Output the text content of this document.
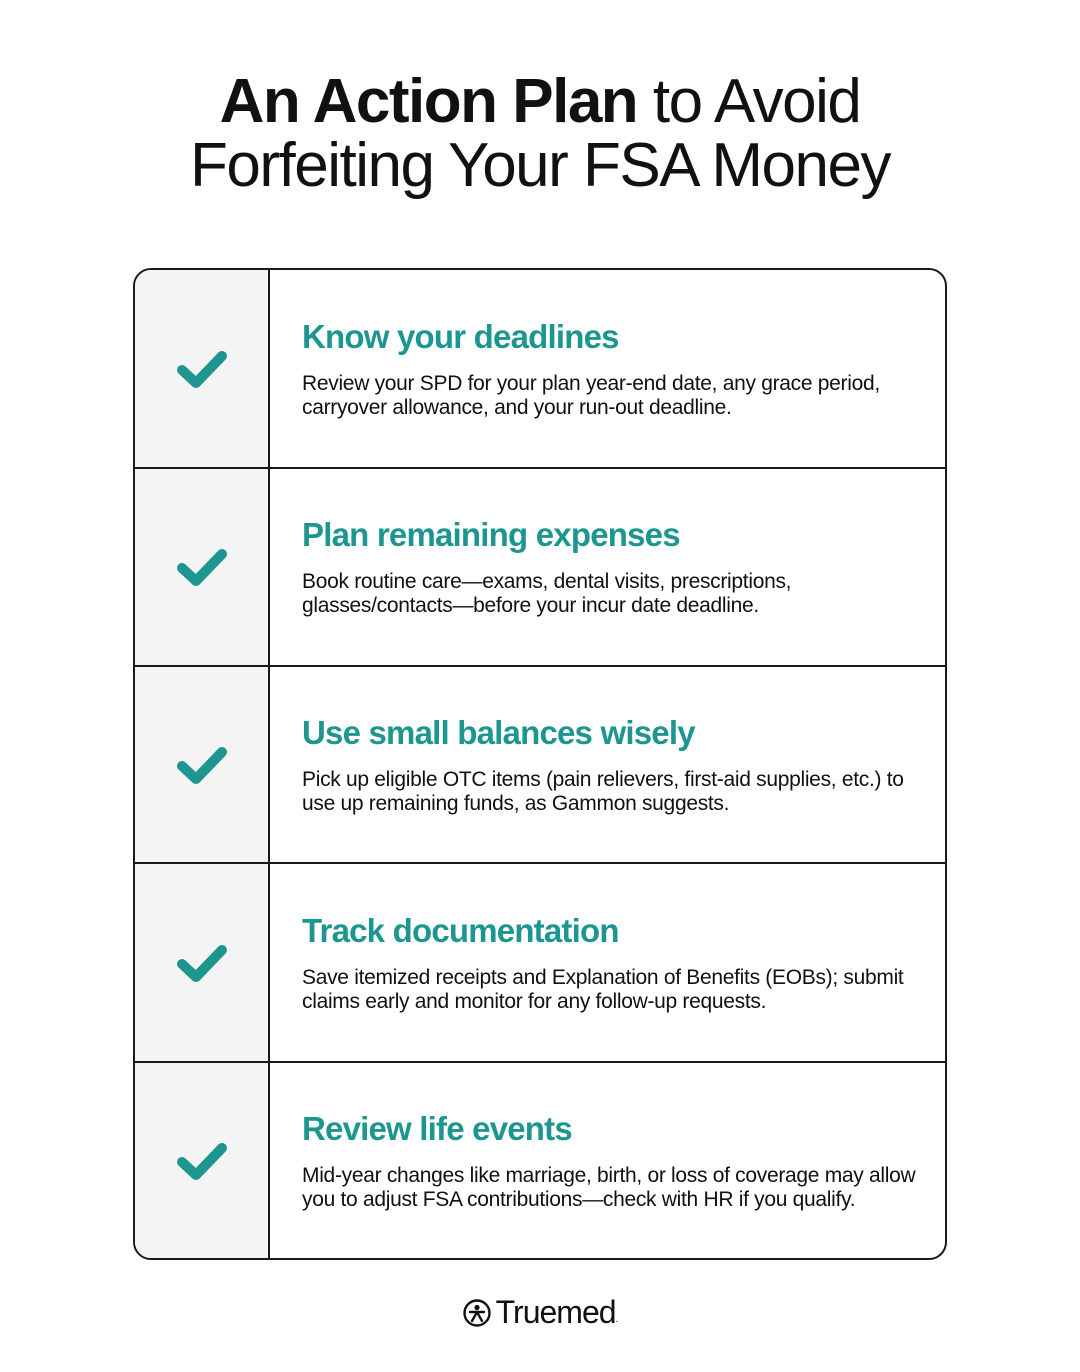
An Action Plan to Avoid
Forfeiting Your FSA Money
Know your deadlines

Review your SPD for your plan year-end date, any grace period, carryover allowance, and your run-out deadline.

Plan remaining expenses

Book routine care—exams, dental visits, prescriptions, glasses/contacts—before your incur date deadline.

Use small balances wisely

Pick up eligible OTC items (pain relievers, first-aid supplies, etc.) to use up remaining funds, as Gammon suggests.

Track documentation

Save itemized receipts and Explanation of Benefits (EOBs); submit claims early and monitor for any follow-up requests.

Review life events

Mid-year changes like marriage, birth, or loss of coverage may allow you to adjust FSA contributions—check with HR if you qualify.

Truemed .
